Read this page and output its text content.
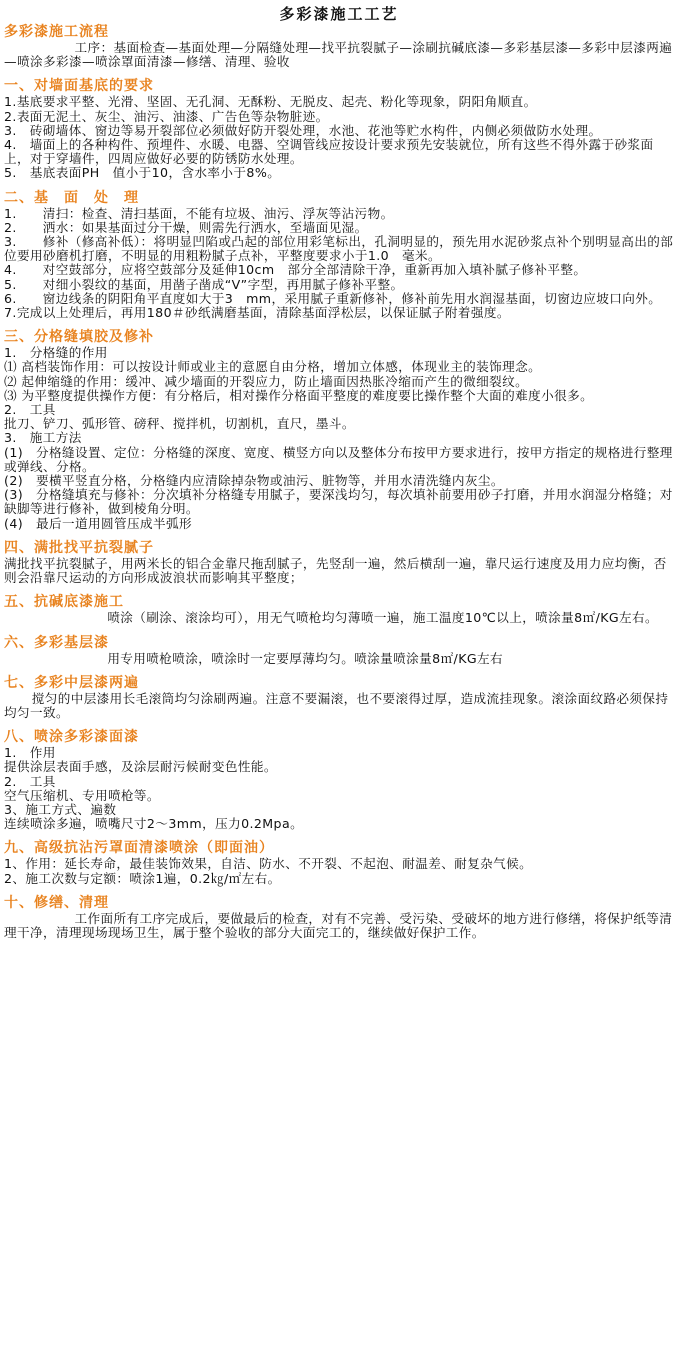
多彩漆施工工艺
多彩漆施工流程

工序：基面检查—基面处理—分隔缝处理—找平抗裂腻子—涂刷抗碱底漆—多彩基层漆—多彩中层漆两遍—喷涂多彩漆—喷涂罩面清漆—修缮、清理、验收

一、对墙面基底的要求

1.基底要求平整、光滑、坚固、无孔洞、无酥粉、无脱皮、起壳、粉化等现象，阴阳角顺直。

2.表面无泥土、灰尘、油污、油漆、广告色等杂物脏迹。

3.　砖砌墙体、窗边等易开裂部位必须做好防开裂处理，水池、花池等贮水构件，内侧必须做防水处理。

4.　墙面上的各种构件、预埋件、水暖、电器、空调管线应按设计要求预先安装就位，所有这些不得外露于砂浆面上，对于穿墙件，四周应做好必要的防锈防水处理。

5.　基底表面PH　值小于10，含水率小于8%。

二、基　面　处　理

1.　　清扫：检查、清扫基面，不能有垃圾、油污、浮灰等沾污物。

2.　　洒水：如果基面过分干燥，则需先行洒水，至墙面见湿。

3.　　修补（修高补低）：将明显凹陷或凸起的部位用彩笔标出，孔洞明显的，预先用水泥砂浆点补个别明显高出的部位要用砂磨机打磨，不明显的用粗粉腻子点补，平整度要求小于1.0　毫米。

4.　　对空鼓部分，应将空鼓部分及延伸10cm　部分全部清除干净，重新再加入填补腻子修补平整。

5.　　对细小裂纹的基面，用凿子凿成“V”字型，再用腻子修补平整。

6.　　窗边线条的阴阳角平直度如大于3　mm，采用腻子重新修补，修补前先用水润湿基面，切窗边应坡口向外。

7.完成以上处理后，再用180＃砂纸满磨基面，清除基面浮松层，以保证腻子附着强度。

三、分格缝填胶及修补

1.　分格缝的作用

⑴ 高档装饰作用：可以按设计师或业主的意愿自由分格，增加立体感，体现业主的装饰理念。

⑵ 起伸缩缝的作用：缓冲、减少墙面的开裂应力，防止墙面因热胀冷缩而产生的微细裂纹。

⑶ 为平整度提供操作方便：有分格后，相对操作分格面平整度的难度要比操作整个大面的难度小很多。

2.　工具

批刀、铲刀、弧形管、磅秤、搅拌机，切割机，直尺，墨斗。

3.　施工方法

(1)　分格缝设置、定位：分格缝的深度、宽度、横竖方向以及整体分布按甲方要求进行，按甲方指定的规格进行整理或弹线、分格。

(2)　要横平竖直分格，分格缝内应清除掉杂物或油污、脏物等，并用水清洗缝内灰尘。

(3)　分格缝填充与修补：分次填补分格缝专用腻子，要深浅均匀，每次填补前要用砂子打磨，并用水润湿分格缝；对缺脚等进行修补，做到棱角分明。

(4)　最后一道用圆管压成半弧形

四、满批找平抗裂腻子

满批找平抗裂腻子，用两米长的铝合金靠尺拖刮腻子，先竖刮一遍，然后横刮一遍，靠尺运行速度及用力应均衡，否则会沿靠尺运动的方向形成波浪状而影响其平整度；

五、抗碱底漆施工

喷涂（刷涂、滚涂均可），用无气喷枪均匀薄喷一遍，施工温度10℃以上，喷涂量8㎡/KG左右。

六、多彩基层漆

用专用喷枪喷涂，喷涂时一定要厚薄均匀。喷涂量喷涂量8㎡/KG左右

七、多彩中层漆两遍

搅匀的中层漆用长毛滚筒均匀涂刷两遍。注意不要漏滚，也不要滚得过厚，造成流挂现象。滚涂面纹路必须保持均匀一致。

八、喷涂多彩漆面漆

1.　作用

提供涂层表面手感，及涂层耐污候耐变色性能。

2.　工具

空气压缩机、专用喷枪等。

3、施工方式、遍数

连续喷涂多遍，喷嘴尺寸2～3mm，压力0.2Mpa。

九、高级抗沾污罩面清漆喷涂（即面油）

1、作用：延长寿命，最佳装饰效果，自洁、防水、不开裂、不起泡、耐温差、耐复杂气候。

2、施工次数与定额：喷涂1遍，0.2㎏/㎡左右。

十、修缮、清理

工作面所有工序完成后，要做最后的检查，对有不完善、受污染、受破坏的地方进行修缮，将保护纸等清理干净，清理现场现场卫生，属于整个验收的部分大面完工的，继续做好保护工作。
